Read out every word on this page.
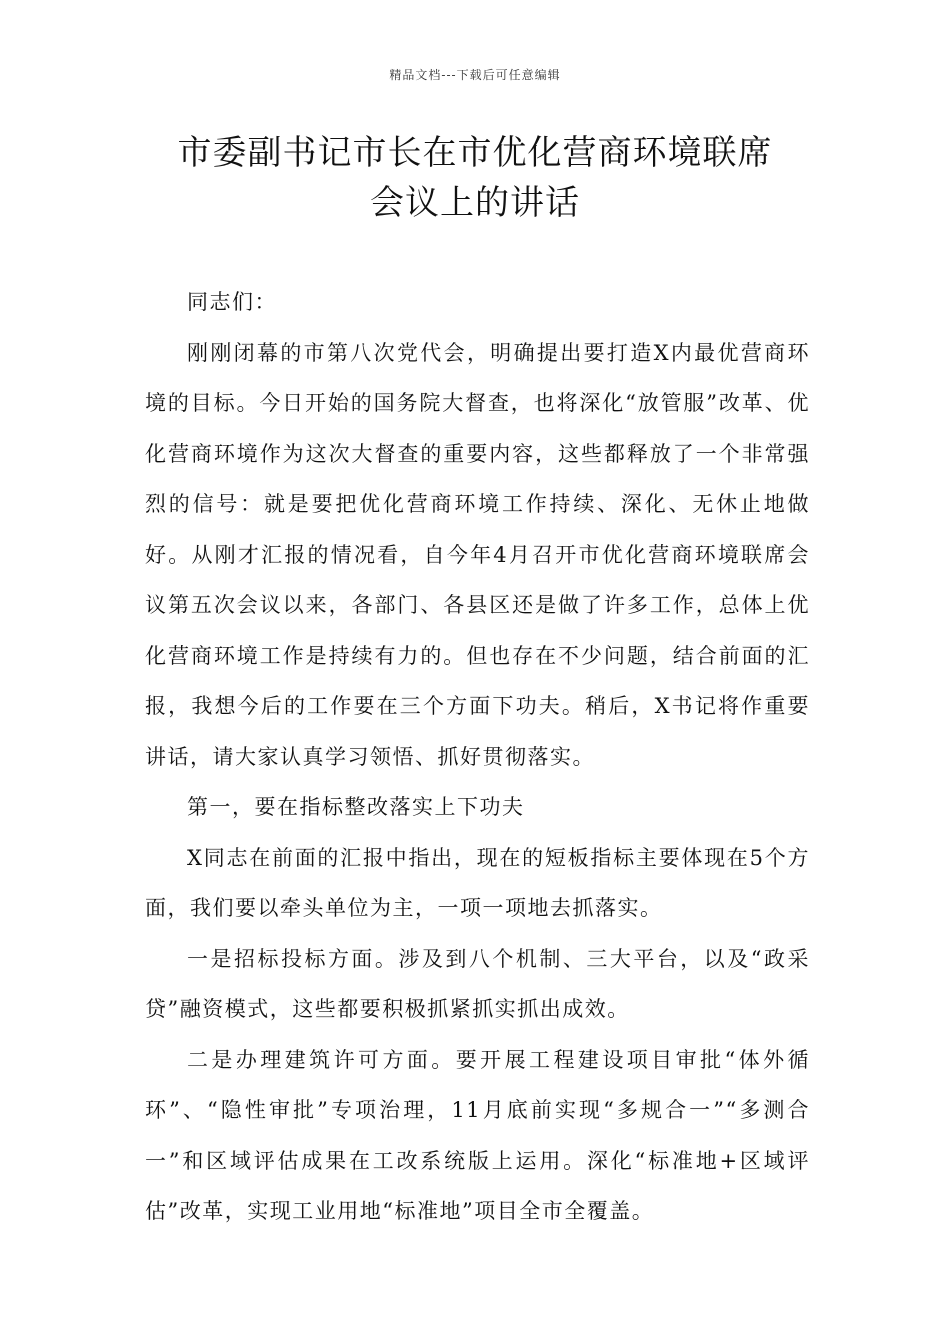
精品文档---下载后可任意编辑
市委副书记市长在市优化营商环境联席
会议上的讲话

同志们：

刚刚闭幕的市第八次党代会，明确提出要打造X内最优营商环境的目标。今日开始的国务院大督查，也将深化“放管服”改革、优化营商环境作为这次大督查的重要内容，这些都释放了一个非常强烈的信号：就是要把优化营商环境工作持续、深化、无休止地做好。从刚才汇报的情况看，自今年4月召开市优化营商环境联席会议第五次会议以来，各部门、各县区还是做了许多工作，总体上优化营商环境工作是持续有力的。但也存在不少问题，结合前面的汇报，我想今后的工作要在三个方面下功夫。稍后，X书记将作重要讲话，请大家认真学习领悟、抓好贯彻落实。

第一，要在指标整改落实上下功夫

X同志在前面的汇报中指出，现在的短板指标主要体现在5个方面，我们要以牵头单位为主，一项一项地去抓落实。

一是招标投标方面。涉及到八个机制、三大平台，以及“政采贷”融资模式，这些都要积极抓紧抓实抓出成效。

二是办理建筑许可方面。要开展工程建设项目审批“体外循环”、“隐性审批”专项治理，11月底前实现“多规合一”“多测合一”和区域评估成果在工改系统版上运用。深化“标准地+区域评估”改革，实现工业用地“标准地”项目全市全覆盖。
